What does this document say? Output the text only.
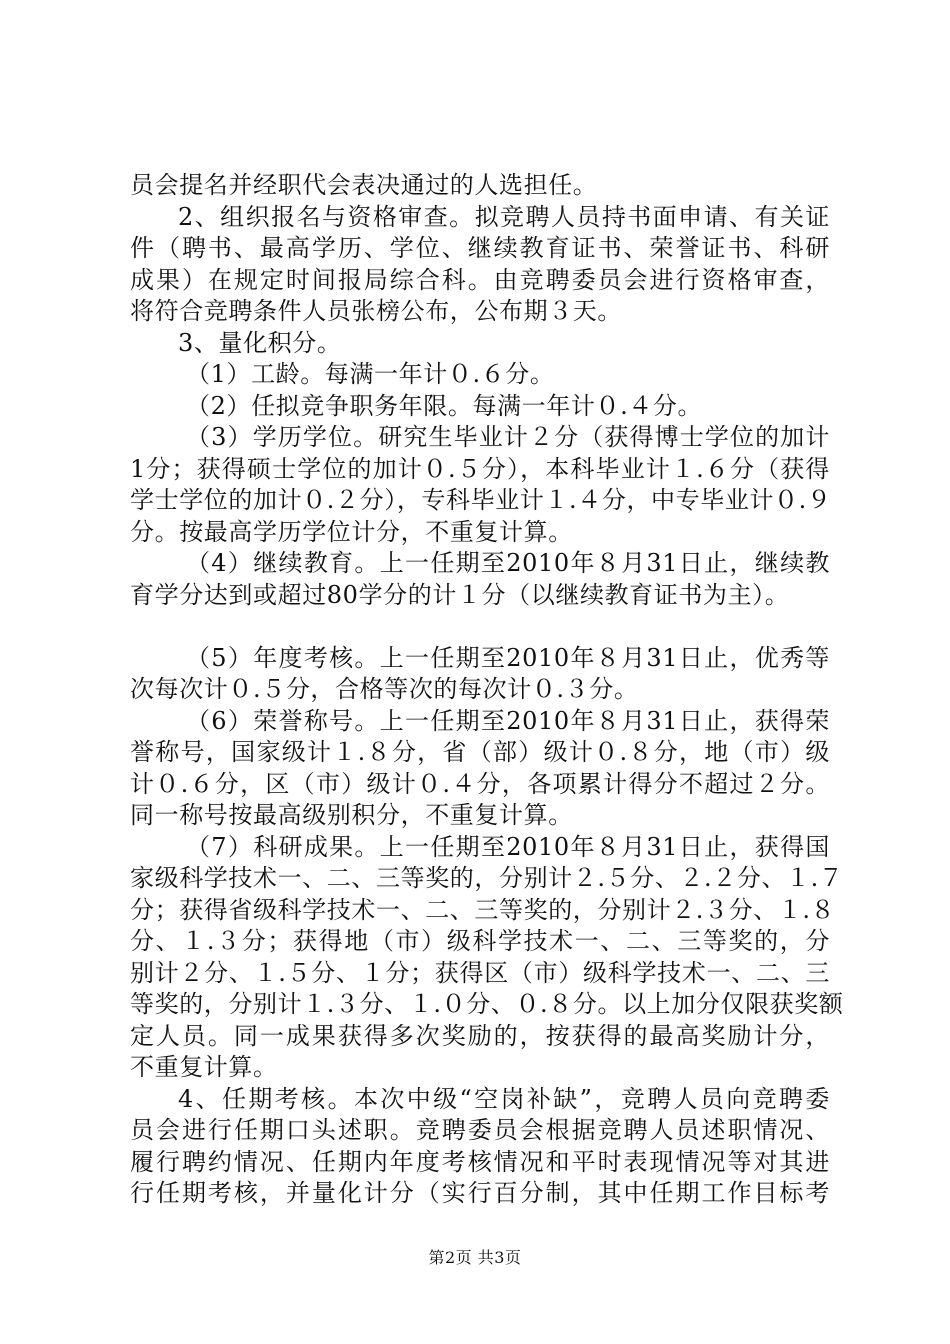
员会提名并经职代会表决通过的人选担任。
2、组织报名与资格审查。拟竞聘人员持书面申请、有关证
件（聘书、最高学历、学位、继续教育证书、荣誉证书、科研
成果）在规定时间报局综合科。由竞聘委员会进行资格审查，
将符合竞聘条件人员张榜公布，公布期３天。
3、量化积分。
（1）工龄。每满一年计０.６分。
（2）任拟竞争职务年限。每满一年计０.４分。
（3）学历学位。研究生毕业计２分（获得博士学位的加计
1分；获得硕士学位的加计０.５分），本科毕业计１.６分（获得
学士学位的加计０.２分），专科毕业计１.４分，中专毕业计０.９
分。按最高学历学位计分，不重复计算。
（4）继续教育。上一任期至2010年８月31日止，继续教
育学分达到或超过80学分的计１分（以继续教育证书为主）。
（5）年度考核。上一任期至2010年８月31日止，优秀等
次每次计０.５分，合格等次的每次计０.３分。
（6）荣誉称号。上一任期至2010年８月31日止，获得荣
誉称号，国家级计１.８分，省（部）级计０.８分，地（市）级
计０.６分，区（市）级计０.４分，各项累计得分不超过２分。
同一称号按最高级别积分，不重复计算。
（7）科研成果。上一任期至2010年８月31日止，获得国
家级科学技术一、二、三等奖的，分别计２.５分、２.２分、１.７
分；获得省级科学技术一、二、三等奖的，分别计２.３分、１.８
分、１.３分；获得地（市）级科学技术一、二、三等奖的，分
别计２分、１.５分、１分；获得区（市）级科学技术一、二、三
等奖的，分别计１.３分、１.０分、０.８分。以上加分仅限获奖额
定人员。同一成果获得多次奖励的，按获得的最高奖励计分，
不重复计算。
4、任期考核。本次中级“空岗补缺”，竞聘人员向竞聘委
员会进行任期口头述职。竞聘委员会根据竞聘人员述职情况、
履行聘约情况、任期内年度考核情况和平时表现情况等对其进
行任期考核，并量化计分（实行百分制，其中任期工作目标考
第2页 共3页
